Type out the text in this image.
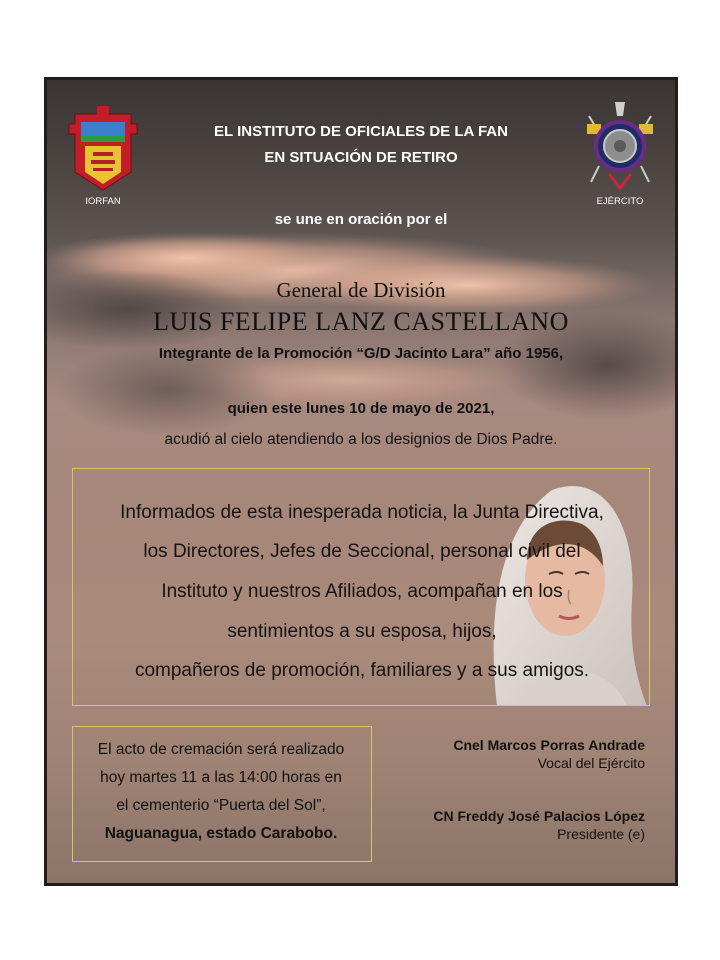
IORFAN	EJÉRCITO
EL INSTITUTO DE OFICIALES DE LA FAN
EN SITUACIÓN DE RETIRO
se une en oración por el
General de División
LUIS FELIPE LANZ CASTELLANO
Integrante de la Promoción “G/D Jacinto Lara” año 1956,
quien este lunes 10 de mayo de 2021,
acudió al cielo atendiendo a los designios de Dios Padre.

Informados de esta inesperada noticia, la Junta Directiva,

los Directores, Jefes de Seccional, personal civil del

Instituto y nuestros Afiliados, acompañan en los

sentimientos a su esposa, hijos,

compañeros de promoción, familiares y a sus amigos.

El acto de cremación será realizado

hoy martes 11 a las 14:00 horas en

el cementerio “Puerta del Sol”,

Naguanagua, estado Carabobo.

Cnel Marcos Porras Andrade
Vocal del Ejército
CN Freddy José Palacios López
Presidente (e)
